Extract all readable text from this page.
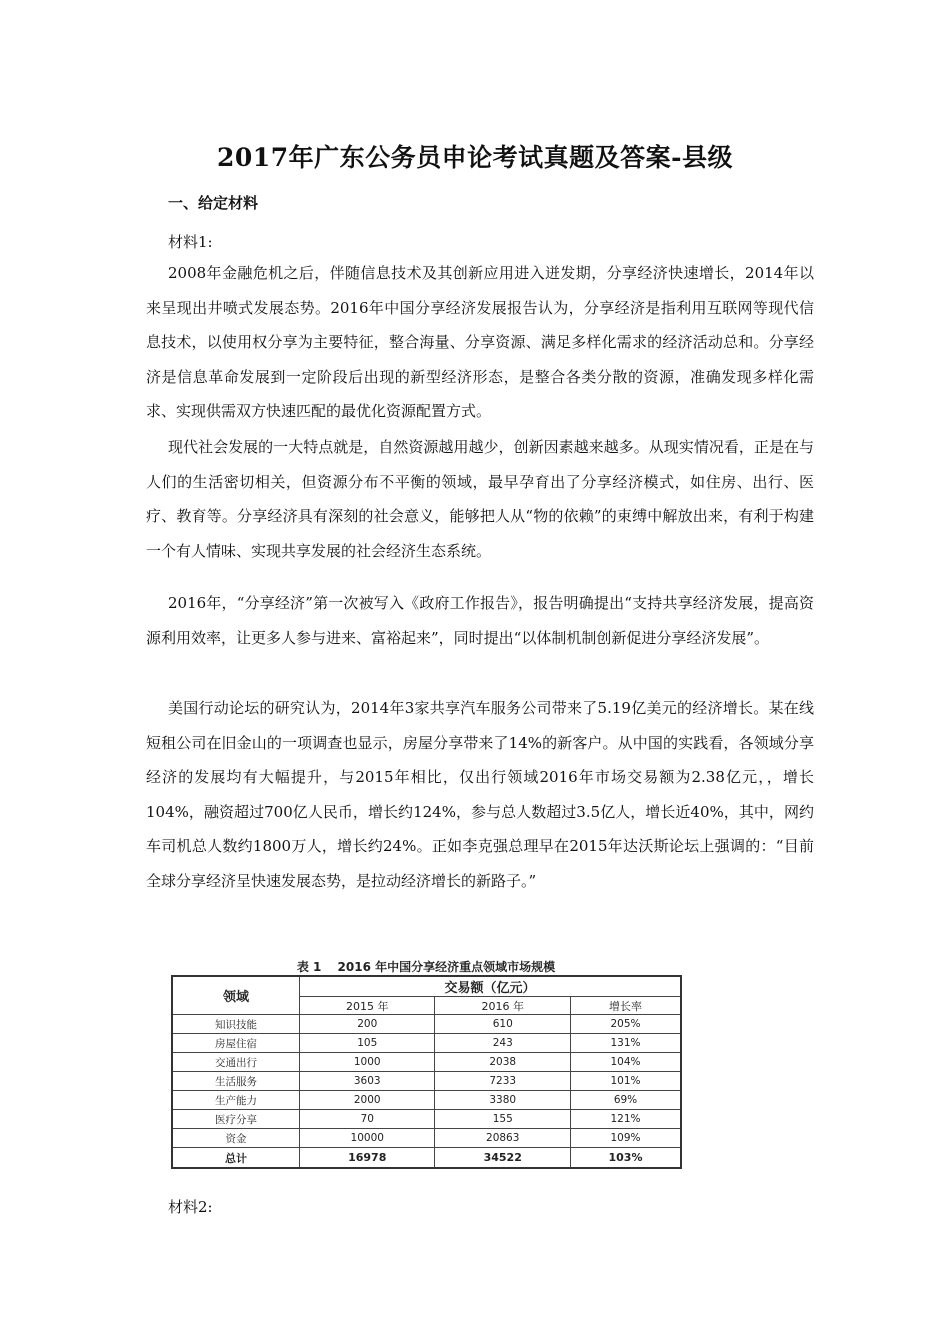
2017年广东公务员申论考试真题及答案-县级
一、给定材料
材料1:

2008年金融危机之后，伴随信息技术及其创新应用进入迸发期，分享经济快速增长，2014年以来呈现出井喷式发展态势。2016年中国分享经济发展报告认为，分享经济是指利用互联网等现代信息技术，以使用权分享为主要特征，整合海量、分享资源、满足多样化需求的经济活动总和。分享经济是信息革命发展到一定阶段后出现的新型经济形态，是整合各类分散的资源，准确发现多样化需求、实现供需双方快速匹配的最优化资源配置方式。

现代社会发展的一大特点就是，自然资源越用越少，创新因素越来越多。从现实情况看，正是在与人们的生活密切相关，但资源分布不平衡的领域，最早孕育出了分享经济模式，如住房、出行、医疗、教育等。分享经济具有深刻的社会意义，能够把人从“物的依赖”的束缚中解放出来，有利于构建一个有人情味、实现共享发展的社会经济生态系统。

2016年，“分享经济”第一次被写入《政府工作报告》，报告明确提出“支持共享经济发展，提高资源利用效率，让更多人参与进来、富裕起来”，同时提出“以体制机制创新促进分享经济发展”。

美国行动论坛的研究认为，2014年3家共享汽车服务公司带来了5.19亿美元的经济增长。某在线短租公司在旧金山的一项调查也显示，房屋分享带来了14%的新客户。从中国的实践看，各领域分享经济的发展均有大幅提升，与2015年相比，仅出行领域2016年市场交易额为2.38亿元，，增长104%，融资超过700亿人民币，增长约124%，参与总人数超过3.5亿人，增长近40%，其中，网约车司机总人数约1800万人，增长约24%。正如李克强总理早在2015年达沃斯论坛上强调的：“目前全球分享经济呈快速发展态势，是拉动经济增长的新路子。”

表 1　 2016 年中国分享经济重点领域市场规模
领域	交易额（亿元）		
	2015 年	2016 年	增长率
知识技能	200	610	205%
房屋住宿	105	243	131%
交通出行	1000	2038	104%
生活服务	3603	7233	101%
生产能力	2000	3380	69%
医疗分享	70	155	121%
资金	10000	20863	109%
总计	16978	34522	103%
材料2:
